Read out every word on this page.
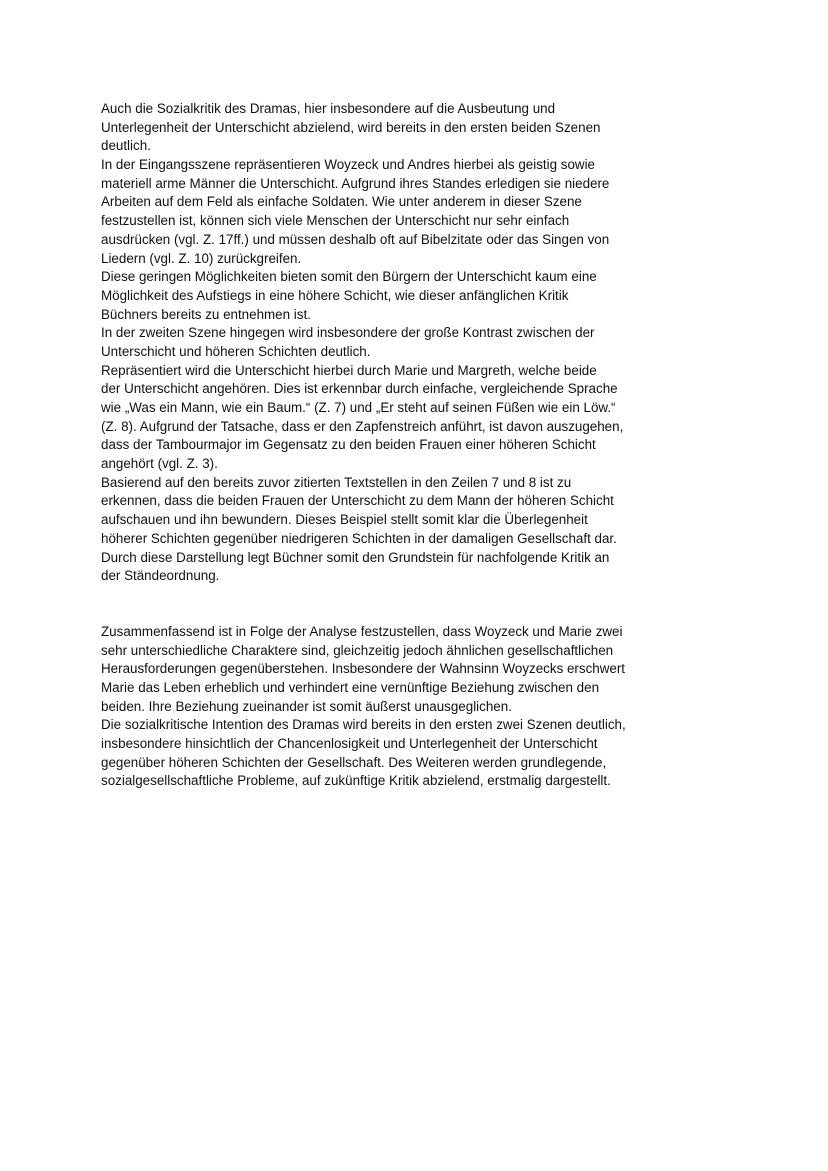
Auch die Sozialkritik des Dramas, hier insbesondere auf die Ausbeutung und
Unterlegenheit der Unterschicht abzielend, wird bereits in den ersten beiden Szenen
deutlich.
In der Eingangsszene repräsentieren Woyzeck und Andres hierbei als geistig sowie
materiell arme Männer die Unterschicht. Aufgrund ihres Standes erledigen sie niedere
Arbeiten auf dem Feld als einfache Soldaten. Wie unter anderem in dieser Szene
festzustellen ist, können sich viele Menschen der Unterschicht nur sehr einfach
ausdrücken (vgl. Z. 17ff.) und müssen deshalb oft auf Bibelzitate oder das Singen von
Liedern (vgl. Z. 10) zurückgreifen.
Diese geringen Möglichkeiten bieten somit den Bürgern der Unterschicht kaum eine
Möglichkeit des Aufstiegs in eine höhere Schicht, wie dieser anfänglichen Kritik
Büchners bereits zu entnehmen ist.
In der zweiten Szene hingegen wird insbesondere der große Kontrast zwischen der
Unterschicht und höheren Schichten deutlich.
Repräsentiert wird die Unterschicht hierbei durch Marie und Margreth, welche beide
der Unterschicht angehören. Dies ist erkennbar durch einfache, vergleichende Sprache
wie „Was ein Mann, wie ein Baum.“ (Z. 7) und „Er steht auf seinen Füßen wie ein Löw.“
(Z. 8). Aufgrund der Tatsache, dass er den Zapfenstreich anführt, ist davon auszugehen,
dass der Tambourmajor im Gegensatz zu den beiden Frauen einer höheren Schicht
angehört (vgl. Z. 3).
Basierend auf den bereits zuvor zitierten Textstellen in den Zeilen 7 und 8 ist zu
erkennen, dass die beiden Frauen der Unterschicht zu dem Mann der höheren Schicht
aufschauen und ihn bewundern. Dieses Beispiel stellt somit klar die Überlegenheit
höherer Schichten gegenüber niedrigeren Schichten in der damaligen Gesellschaft dar.
Durch diese Darstellung legt Büchner somit den Grundstein für nachfolgende Kritik an
der Ständeordnung.
Zusammenfassend ist in Folge der Analyse festzustellen, dass Woyzeck und Marie zwei
sehr unterschiedliche Charaktere sind, gleichzeitig jedoch ähnlichen gesellschaftlichen
Herausforderungen gegenüberstehen. Insbesondere der Wahnsinn Woyzecks erschwert
Marie das Leben erheblich und verhindert eine vernünftige Beziehung zwischen den
beiden. Ihre Beziehung zueinander ist somit äußerst unausgeglichen.
Die sozialkritische Intention des Dramas wird bereits in den ersten zwei Szenen deutlich,
insbesondere hinsichtlich der Chancenlosigkeit und Unterlegenheit der Unterschicht
gegenüber höheren Schichten der Gesellschaft. Des Weiteren werden grundlegende,
sozialgesellschaftliche Probleme, auf zukünftige Kritik abzielend, erstmalig dargestellt.
